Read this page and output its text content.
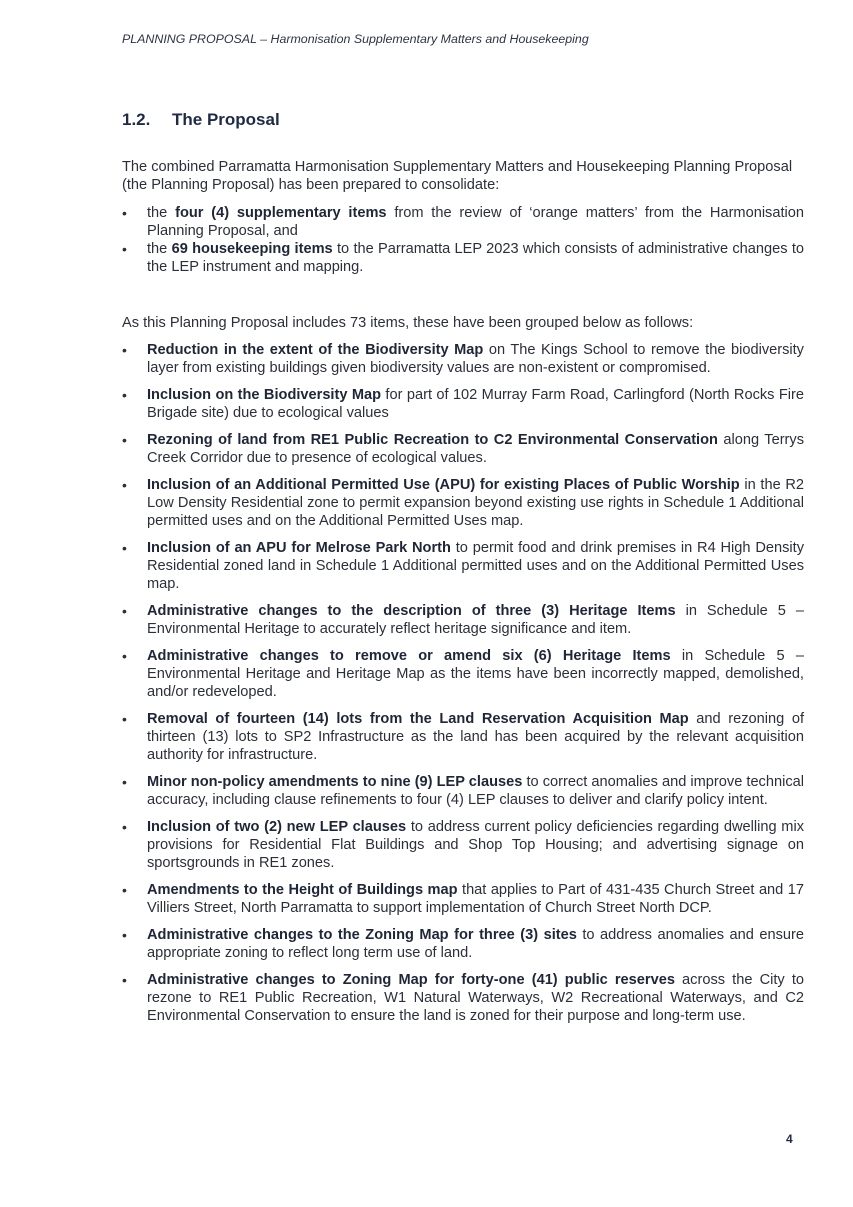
PLANNING PROPOSAL – Harmonisation Supplementary Matters and Housekeeping
1.2. The Proposal

The combined Parramatta Harmonisation Supplementary Matters and Housekeeping Planning Proposal (the Planning Proposal) has been prepared to consolidate:

• the four (4) supplementary items from the review of ‘orange matters’ from the Harmonisation Planning Proposal, and
• the 69 housekeeping items to the Parramatta LEP 2023 which consists of administrative changes to the LEP instrument and mapping.

As this Planning Proposal includes 73 items, these have been grouped below as follows:

• Reduction in the extent of the Biodiversity Map on The Kings School to remove the biodiversity layer from existing buildings given biodiversity values are non-existent or compromised.
• Inclusion on the Biodiversity Map for part of 102 Murray Farm Road, Carlingford (North Rocks Fire Brigade site) due to ecological values
• Rezoning of land from RE1 Public Recreation to C2 Environmental Conservation along Terrys Creek Corridor due to presence of ecological values.
• Inclusion of an Additional Permitted Use (APU) for existing Places of Public Worship in the R2 Low Density Residential zone to permit expansion beyond existing use rights in Schedule 1 Additional permitted uses and on the Additional Permitted Uses map.
• Inclusion of an APU for Melrose Park North to permit food and drink premises in R4 High Density Residential zoned land in Schedule 1 Additional permitted uses and on the Additional Permitted Uses map.
• Administrative changes to the description of three (3) Heritage Items in Schedule 5 – Environmental Heritage to accurately reflect heritage significance and item.
• Administrative changes to remove or amend six (6) Heritage Items in Schedule 5 – Environmental Heritage and Heritage Map as the items have been incorrectly mapped, demolished, and/or redeveloped.
• Removal of fourteen (14) lots from the Land Reservation Acquisition Map and rezoning of thirteen (13) lots to SP2 Infrastructure as the land has been acquired by the relevant acquisition authority for infrastructure.
• Minor non-policy amendments to nine (9) LEP clauses to correct anomalies and improve technical accuracy, including clause refinements to four (4) LEP clauses to deliver and clarify policy intent.
• Inclusion of two (2) new LEP clauses to address current policy deficiencies regarding dwelling mix provisions for Residential Flat Buildings and Shop Top Housing; and advertising signage on sportsgrounds in RE1 zones.
• Amendments to the Height of Buildings map that applies to Part of 431-435 Church Street and 17 Villiers Street, North Parramatta to support implementation of Church Street North DCP.
• Administrative changes to the Zoning Map for three (3) sites to address anomalies and ensure appropriate zoning to reflect long term use of land.
• Administrative changes to Zoning Map for forty-one (41) public reserves across the City to rezone to RE1 Public Recreation, W1 Natural Waterways, W2 Recreational Waterways, and C2 Environmental Conservation to ensure the land is zoned for their purpose and long-term use.
4
